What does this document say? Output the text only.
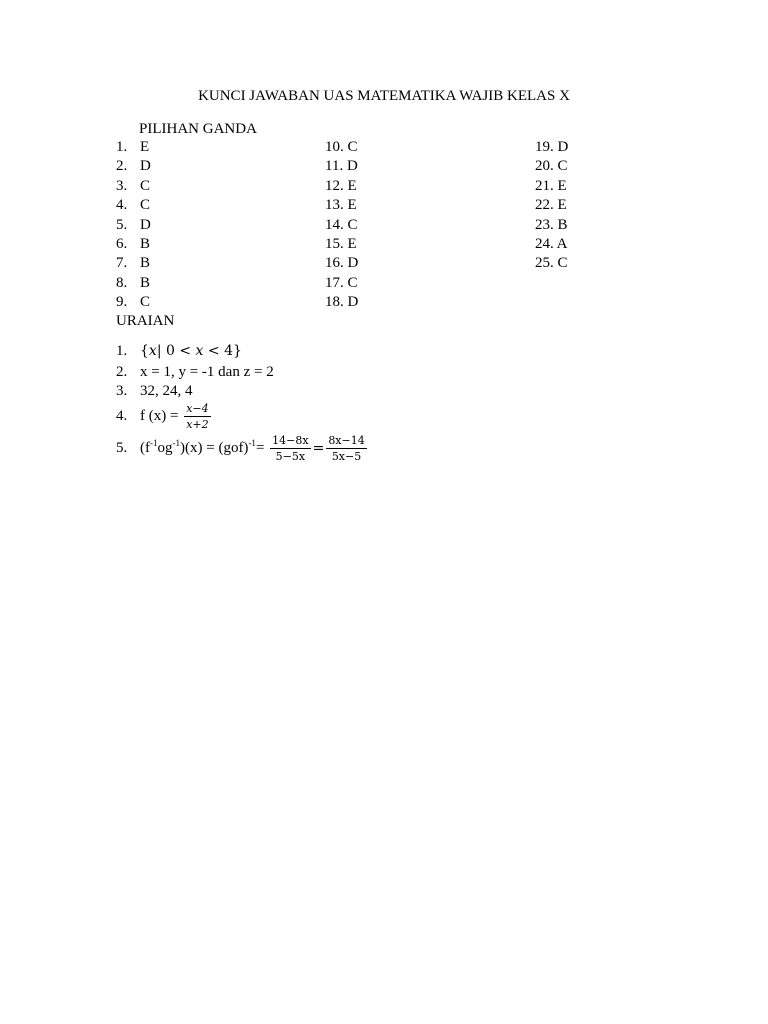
KUNCI JAWABAN UAS MATEMATIKA WAJIB KELAS X
PILIHAN GANDA
1. E
2. D
3. C
4. C
5. D
6. B
7. B
8. B
9. C
10. C
11. D
12. E
13. E
14. C
15. E
16. D
17. C
18. D
19. D
20. C
21. E
22. E
23. B
24. A
25. C
URAIAN
1. {x| 0 < x < 4}
2. x = 1, y = -1 dan z = 2
3. 32, 24, 4
4. f $(x) = \frac{x-4}{x+2}$
5. $(f^{-1}og^{-1})(x) = (gof)^{-1}= \frac{14-8x}{5-5x} = \frac{8x-14}{5x-5}$
